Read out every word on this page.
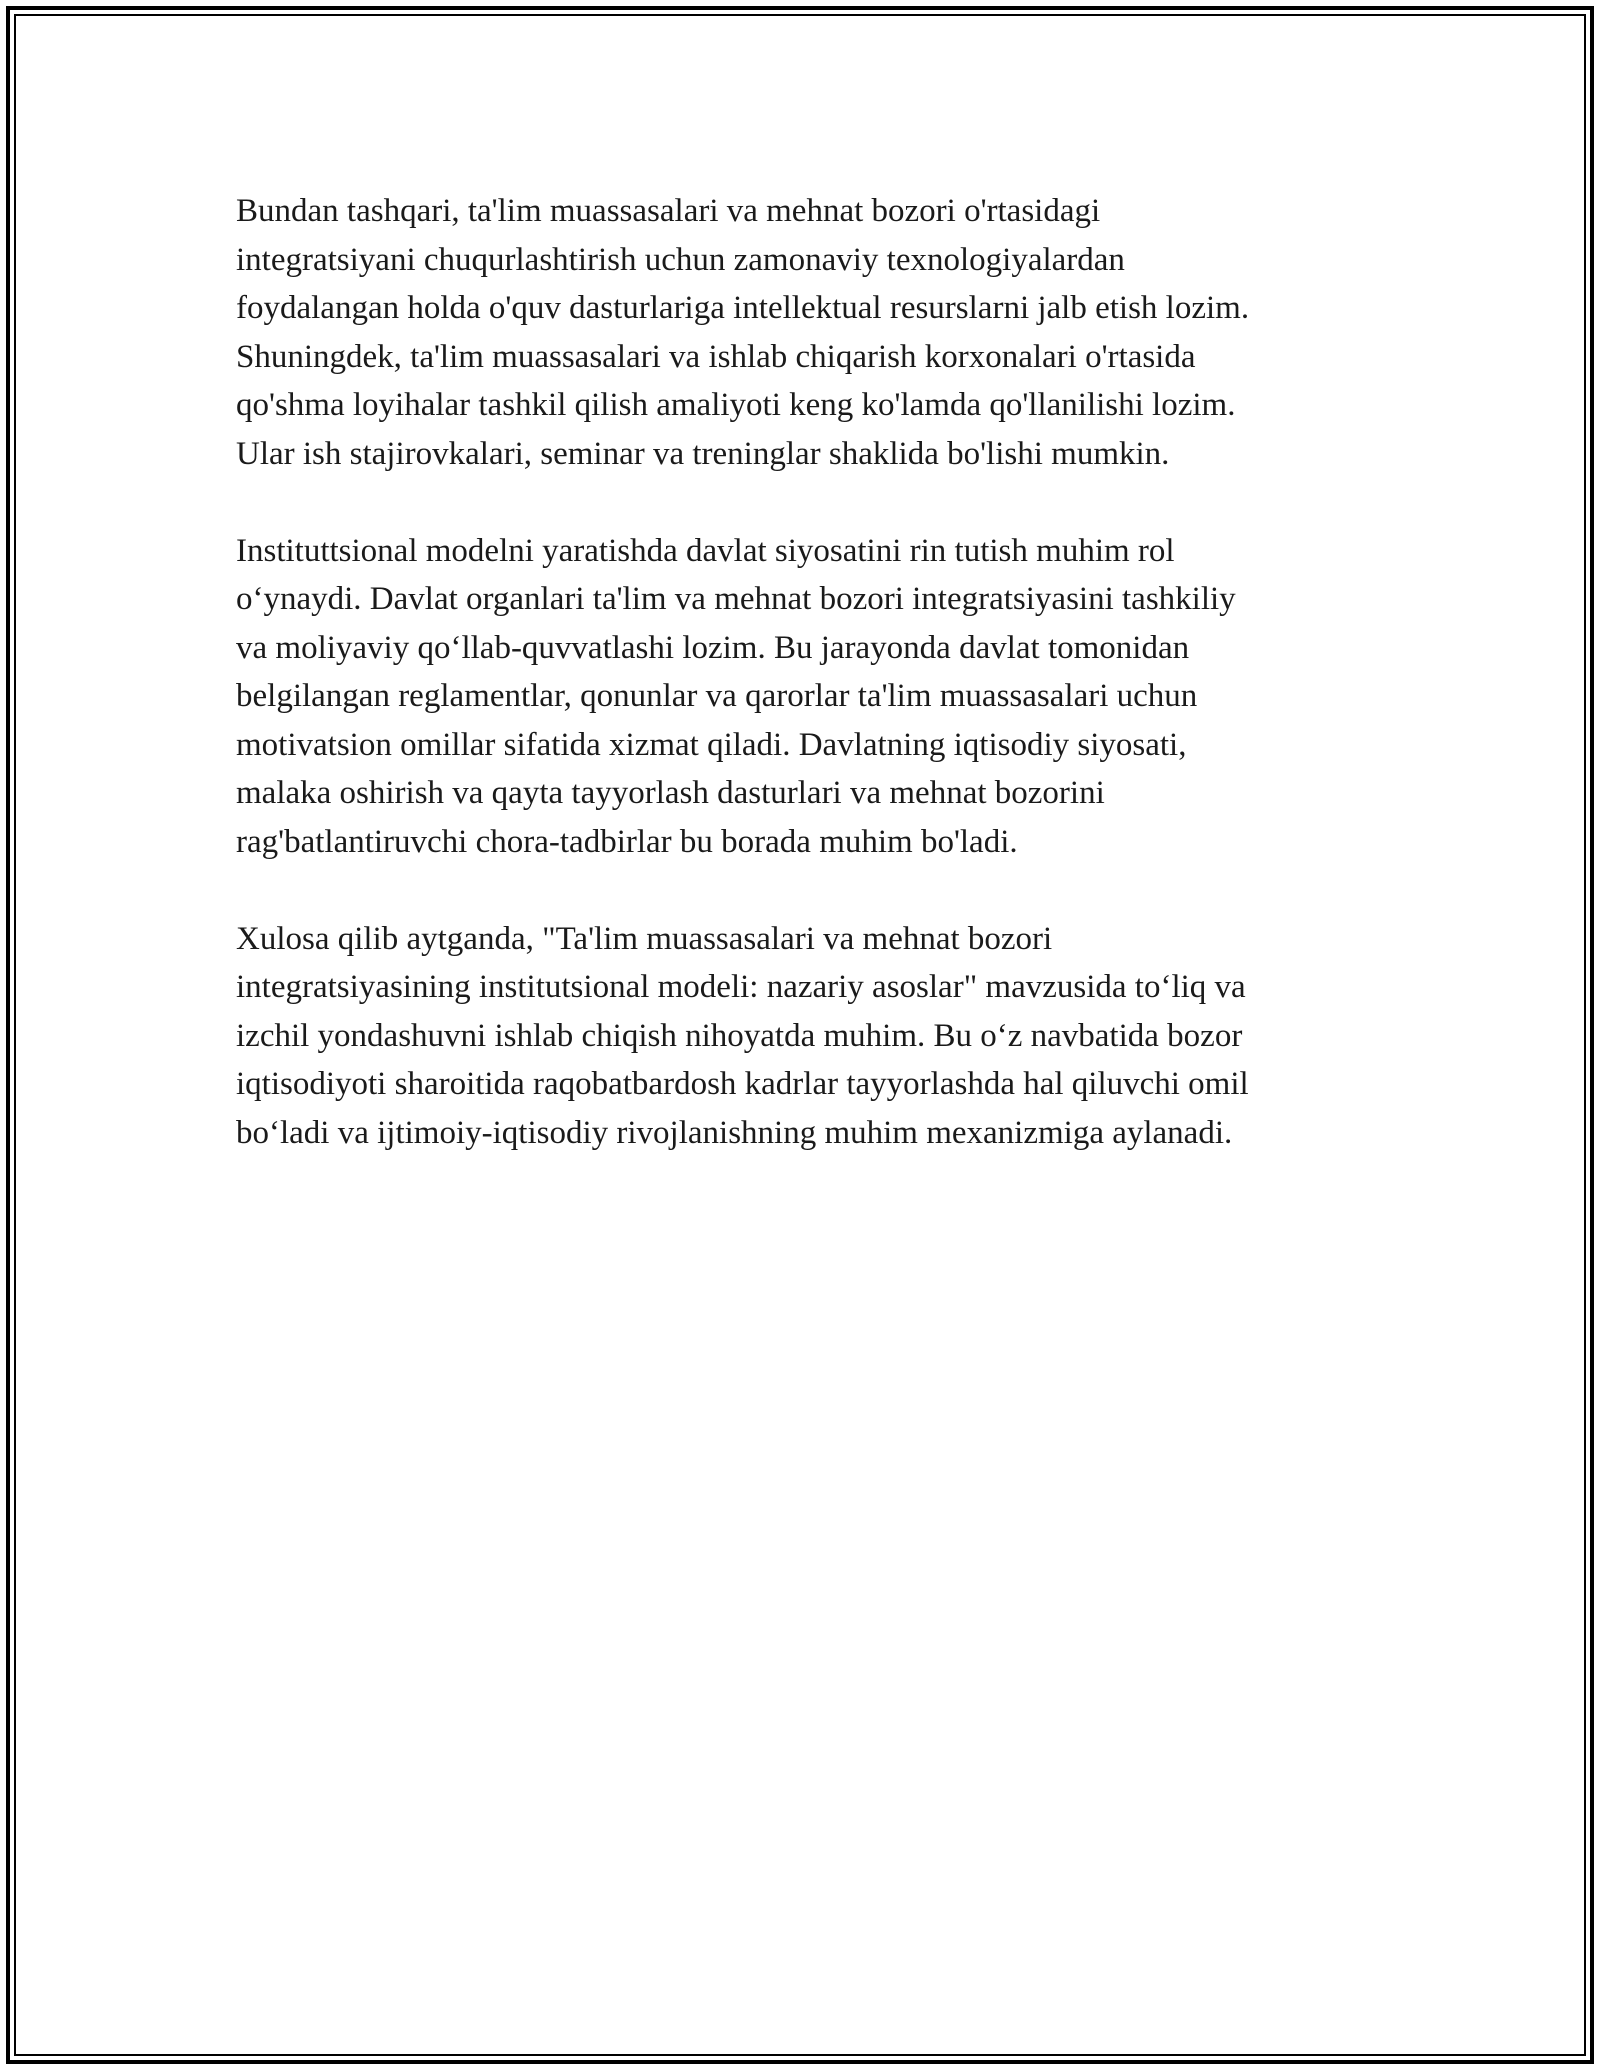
Bundan tashqari, ta'lim muassasalari va mehnat bozori o'rtasidagi
integratsiyani chuqurlashtirish uchun zamonaviy texnologiyalardan
foydalangan holda o'quv dasturlariga intellektual resurslarni jalb etish lozim.
Shuningdek, ta'lim muassasalari va ishlab chiqarish korxonalari o'rtasida
qo'shma loyihalar tashkil qilish amaliyoti keng ko'lamda qo'llanilishi lozim.
Ular ish stajirovkalari, seminar va treninglar shaklida bo'lishi mumkin.

Instituttsional modelni yaratishda davlat siyosatini rin tutish muhim rol
o‘ynaydi. Davlat organlari ta'lim va mehnat bozori integratsiyasini tashkiliy
va moliyaviy qo‘llab-quvvatlashi lozim. Bu jarayonda davlat tomonidan
belgilangan reglamentlar, qonunlar va qarorlar ta'lim muassasalari uchun
motivatsion omillar sifatida xizmat qiladi. Davlatning iqtisodiy siyosati,
malaka oshirish va qayta tayyorlash dasturlari va mehnat bozorini
rag'batlantiruvchi chora-tadbirlar bu borada muhim bo'ladi.

Xulosa qilib aytganda, "Ta'lim muassasalari va mehnat bozori
integratsiyasining institutsional modeli: nazariy asoslar" mavzusida to‘liq va
izchil yondashuvni ishlab chiqish nihoyatda muhim. Bu o‘z navbatida bozor
iqtisodiyoti sharoitida raqobatbardosh kadrlar tayyorlashda hal qiluvchi omil
bo‘ladi va ijtimoiy-iqtisodiy rivojlanishning muhim mexanizmiga aylanadi.
